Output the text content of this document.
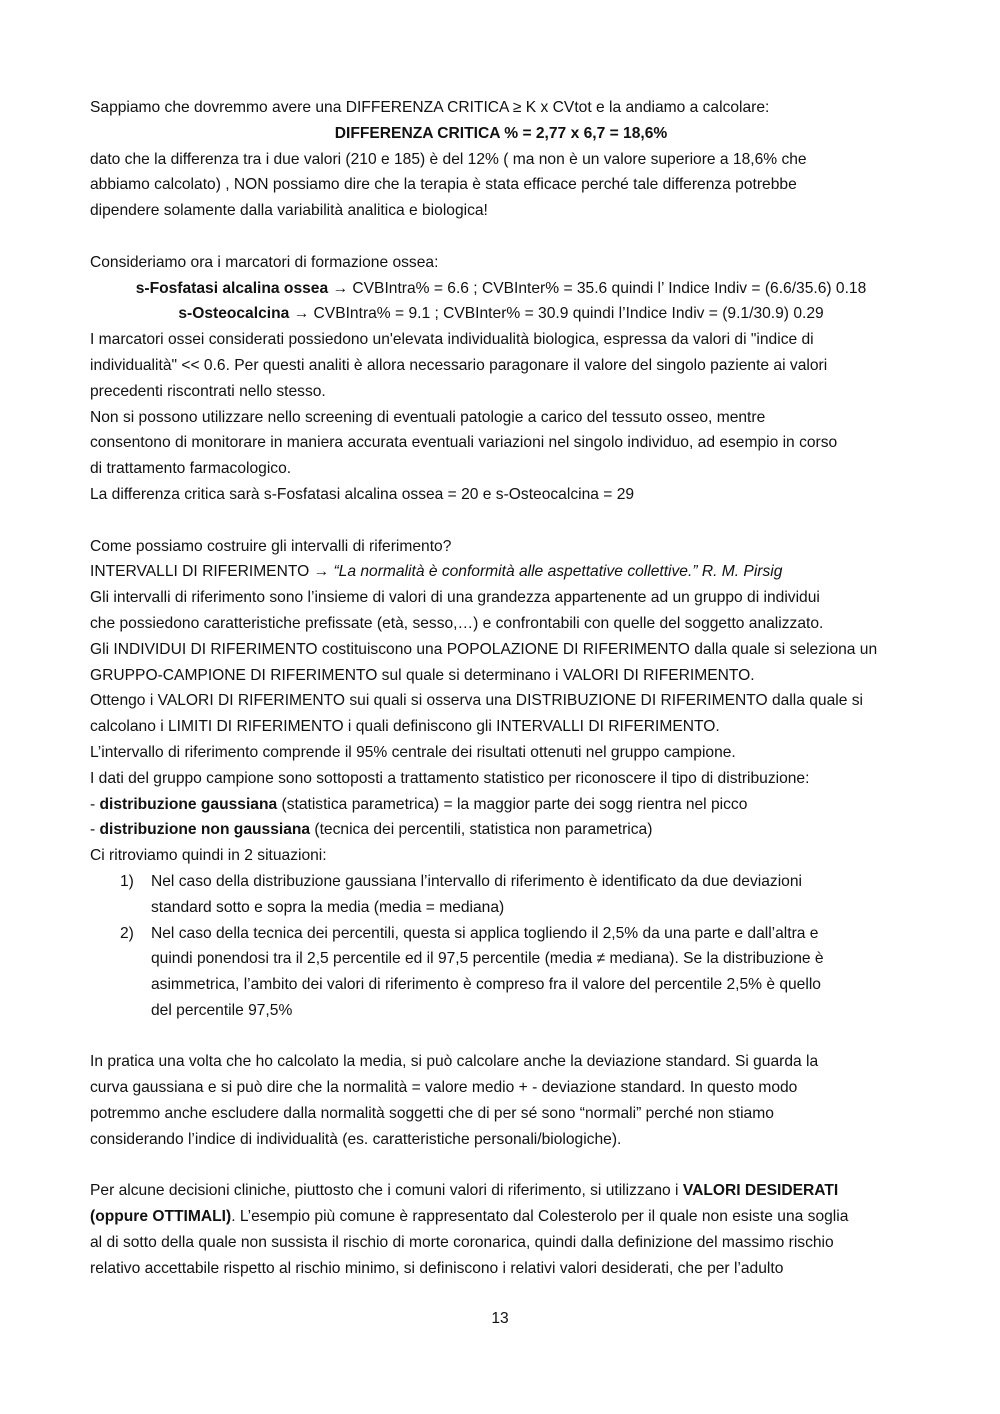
Sappiamo che dovremmo avere una DIFFERENZA CRITICA ≥ K x CVtot e la andiamo a calcolare:
DIFFERENZA CRITICA % = 2,77 x 6,7 = 18,6%
dato che la differenza tra i due valori (210 e 185) è del 12% ( ma non è un valore superiore a 18,6% che
abbiamo calcolato) , NON possiamo dire che la terapia è stata efficace perché tale differenza potrebbe
dipendere solamente dalla variabilità analitica e biologica!
Consideriamo ora i marcatori di formazione ossea:
s-Fosfatasi alcalina ossea → CVBIntra% = 6.6 ; CVBInter% = 35.6 quindi l’ Indice Indiv = (6.6/35.6) 0.18
s-Osteocalcina → CVBIntra% = 9.1 ; CVBInter% = 30.9 quindi l’Indice Indiv = (9.1/30.9) 0.29
I marcatori ossei considerati possiedono un'elevata individualità biologica, espressa da valori di "indice di
individualità" << 0.6. Per questi analiti è allora necessario paragonare il valore del singolo paziente ai valori
precedenti riscontrati nello stesso.
Non si possono utilizzare nello screening di eventuali patologie a carico del tessuto osseo, mentre
consentono di monitorare in maniera accurata eventuali variazioni nel singolo individuo, ad esempio in corso
di trattamento farmacologico.
La differenza critica sarà s-Fosfatasi alcalina ossea = 20 e s-Osteocalcina = 29
Come possiamo costruire gli intervalli di riferimento?
INTERVALLI DI RIFERIMENTO → “La normalità è conformità alle aspettative collettive.” R. M. Pirsig
Gli intervalli di riferimento sono l’insieme di valori di una grandezza appartenente ad un gruppo di individui
che possiedono caratteristiche prefissate (età, sesso,…) e confrontabili con quelle del soggetto analizzato.
Gli INDIVIDUI DI RIFERIMENTO costituiscono una POPOLAZIONE DI RIFERIMENTO dalla quale si seleziona un
GRUPPO-CAMPIONE DI RIFERIMENTO sul quale si determinano i VALORI DI RIFERIMENTO.
Ottengo i VALORI DI RIFERIMENTO sui quali si osserva una DISTRIBUZIONE DI RIFERIMENTO dalla quale si
calcolano i LIMITI DI RIFERIMENTO i quali definiscono gli INTERVALLI DI RIFERIMENTO.
L’intervallo di riferimento comprende il 95% centrale dei risultati ottenuti nel gruppo campione.
I dati del gruppo campione sono sottoposti a trattamento statistico per riconoscere il tipo di distribuzione:
- distribuzione gaussiana (statistica parametrica) = la maggior parte dei sogg rientra nel picco
- distribuzione non gaussiana (tecnica dei percentili, statistica non parametrica)
Ci ritroviamo quindi in 2 situazioni:
1) Nel caso della distribuzione gaussiana l’intervallo di riferimento è identificato da due deviazioni
standard sotto e sopra la media (media = mediana)
2) Nel caso della tecnica dei percentili, questa si applica togliendo il 2,5% da una parte e dall’altra e
quindi ponendosi tra il 2,5 percentile ed il 97,5 percentile (media ≠ mediana). Se la distribuzione è
asimmetrica, l’ambito dei valori di riferimento è compreso fra il valore del percentile 2,5% è quello
del percentile 97,5%
In pratica una volta che ho calcolato la media, si può calcolare anche la deviazione standard. Si guarda la
curva gaussiana e si può dire che la normalità = valore medio + - deviazione standard. In questo modo
potremmo anche escludere dalla normalità soggetti che di per sé sono “normali” perché non stiamo
considerando l’indice di individualità (es. caratteristiche personali/biologiche).
Per alcune decisioni cliniche, piuttosto che i comuni valori di riferimento, si utilizzano i VALORI DESIDERATI
(oppure OTTIMALI). L’esempio più comune è rappresentato dal Colesterolo per il quale non esiste una soglia
al di sotto della quale non sussista il rischio di morte coronarica, quindi dalla definizione del massimo rischio
relativo accettabile rispetto al rischio minimo, si definiscono i relativi valori desiderati, che per l’adulto
13
